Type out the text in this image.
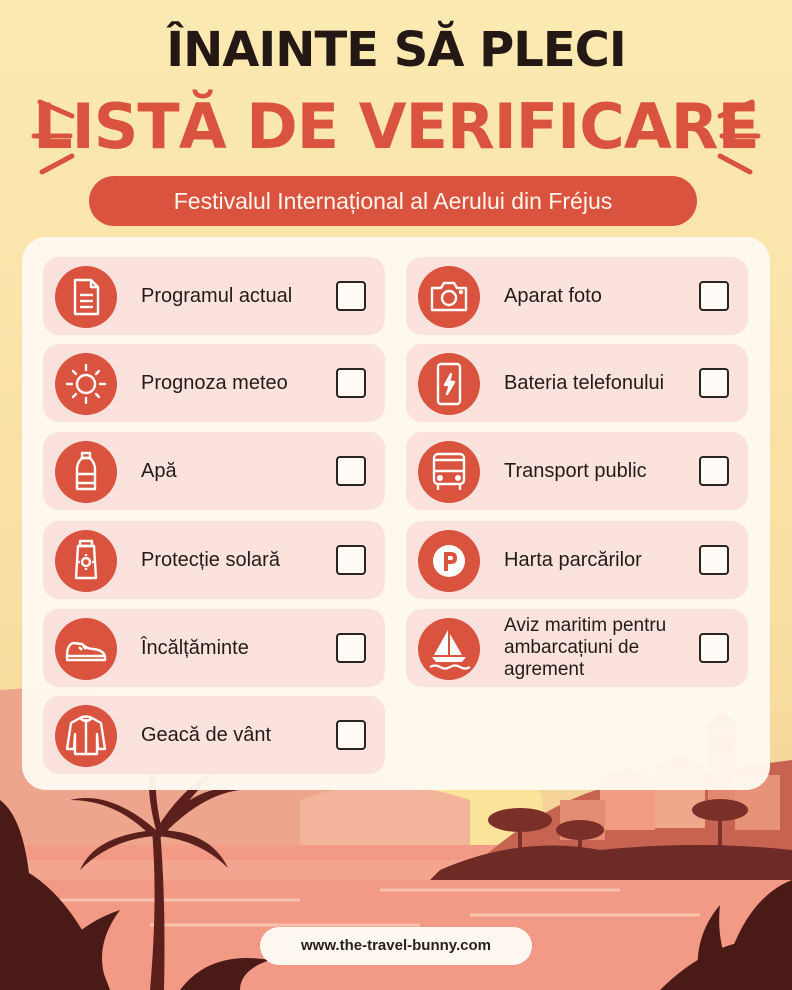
ÎNAINTE SĂ PLECI
LISTĂ DE VERIFICARE
Festivalul Internațional al Aerului din Fréjus
Programul actual
Prognoza meteo
Apă
Protecție solară
Încălțăminte
Geacă de vânt
Aparat foto
Bateria telefonului
Transport public
Harta parcărilor
Aviz maritim pentru ambarcațiuni de agrement
www.the-travel-bunny.com
